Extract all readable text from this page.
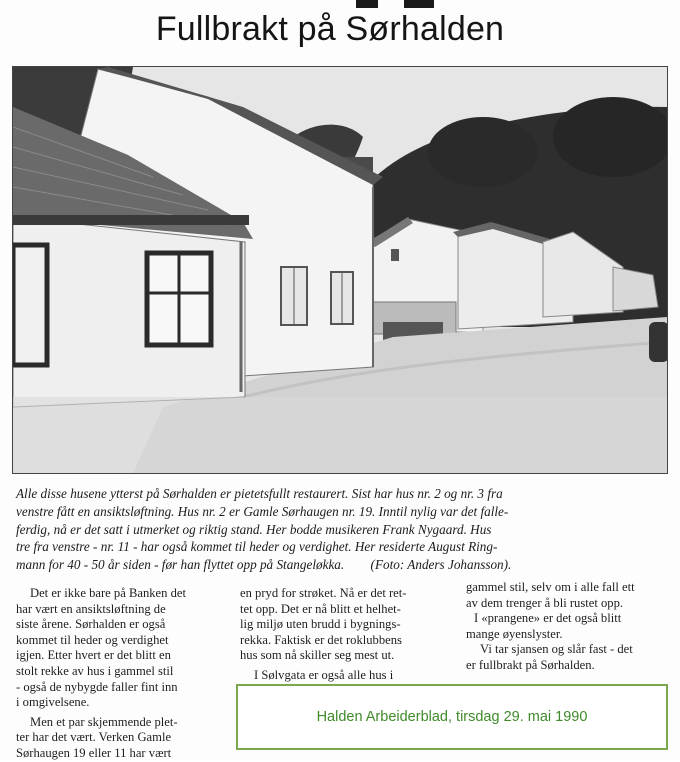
Fullbrakt på Sørhalden
Alle disse husene ytterst på Sørhalden er pietetsfullt restaurert. Sist har hus nr. 2 og nr. 3 fra
venstre fått en ansiktsløftning. Hus nr. 2 er Gamle Sørhaugen nr. 19. Inntil nylig var det falle-
ferdig, nå er det satt i utmerket og riktig stand. Her bodde musikeren Frank Nygaard. Hus
tre fra venstre - nr. 11 - har også kommet til heder og verdighet. Her residerte August Ring-
mann for 40 - 50 år siden - før han flyttet opp på Stangeløkka.        (Foto: Anders Johansson).
Det er ikke bare på Banken det
har vært en ansiktsløftning de
siste årene. Sørhalden er også
kommet til heder og verdighet
igjen. Etter hvert er det blitt en
stolt rekke av hus i gammel stil
- også de nybygde faller fint inn
i omgivelsene.
Men et par skjemmende plet-
ter har det vært. Verken Gamle
Sørhaugen 19 eller 11 har vært
en pryd for strøket. Nå er det ret-
tet opp. Det er nå blitt et helhet-
lig miljø uten brudd i bygnings-
rekka. Faktisk er det roklubbens
hus som nå skiller seg mest ut.
I Sølvgata er også alle hus i
gammel stil, selv om i alle fall ett
av dem trenger å bli rustet opp.
I «prangene» er det også blitt
mange øyenslyster.
Vi tar sjansen og slår fast - det
er fullbrakt på Sørhalden.
Halden Arbeiderblad, tirsdag 29. mai 1990
